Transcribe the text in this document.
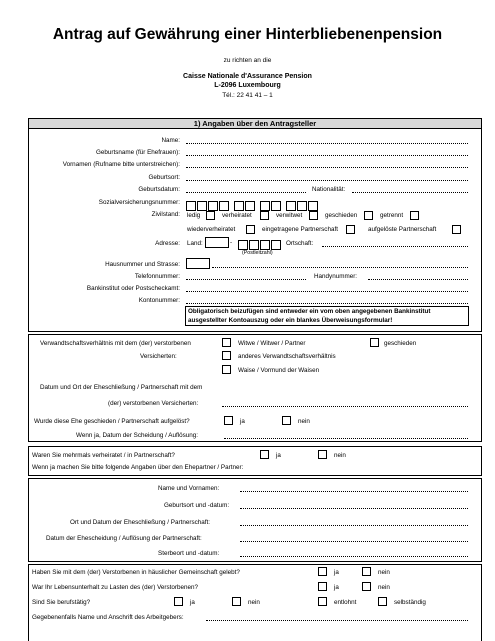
Antrag auf Gewährung einer Hinterbliebenenpension
zu richten an die
Caisse Nationale d'Assurance Pension
L-2096 Luxembourg
Tél.: 22 41 41 – 1
1) Angaben über den Antragsteller
Name:
Geburtsname (für Ehefrauen):
Vornamen (Rufname bitte unterstreichen):
Geburtsort:
Geburtsdatum:	Nationalität:
Sozialversicherungsnummer:
Zivilstand: ledig	verheiratet	verwitwet	geschieden	getrennt
wiederverheiratet	eingetragene Partnerschaft	aufgelöste Partnerschaft
Adresse: Land:	-	Ortschaft:
(Postleitzahl)
Hausnummer und Strasse:
Telefonnummer:	Handynummer:
Bankinstitut oder Postscheckamt:
Kontonummer:
Obligatorisch beizufügen sind entweder ein vom oben angegebenen Bankinstitut ausgestellter Kontoauszug oder ein blankes Überweisungsformular!
Verwandtschaftsverhältnis mit dem (der) verstorbenen	Witwe / Witwer / Partner	geschieden
Versicherten:	anderes Verwandtschaftsverhältnis
Waise / Vormund der Waisen
Datum und Ort der Eheschließung / Partnerschaft mit dem
(der) verstorbenen Versicherten:
Wurde diese Ehe geschieden / Partnerschaft aufgelöst?	ja	nein
Wenn ja, Datum der Scheidung / Auflösung:
Waren Sie mehrmals verheiratet / in Partnerschaft?	ja	nein
Wenn ja machen Sie bitte folgende Angaben über den Ehepartner / Partner:
Name und Vornamen:
Geburtsort und -datum:
Ort und Datum der Eheschließung / Partnerschaft:
Datum der Ehescheidung / Auflösung der Partnerschaft:
Sterbeort und -datum:
Haben Sie mit dem (der) Verstorbenen in häuslicher Gemeinschaft gelebt?	ja	nein
War Ihr Lebensunterhalt zu Lasten des (der) Verstorbenen?	ja	nein
Sind Sie berufstätig?	ja	nein	entlohnt	selbständig
Gegebenenfalls Name und Anschrift des Arbeitgebers:
